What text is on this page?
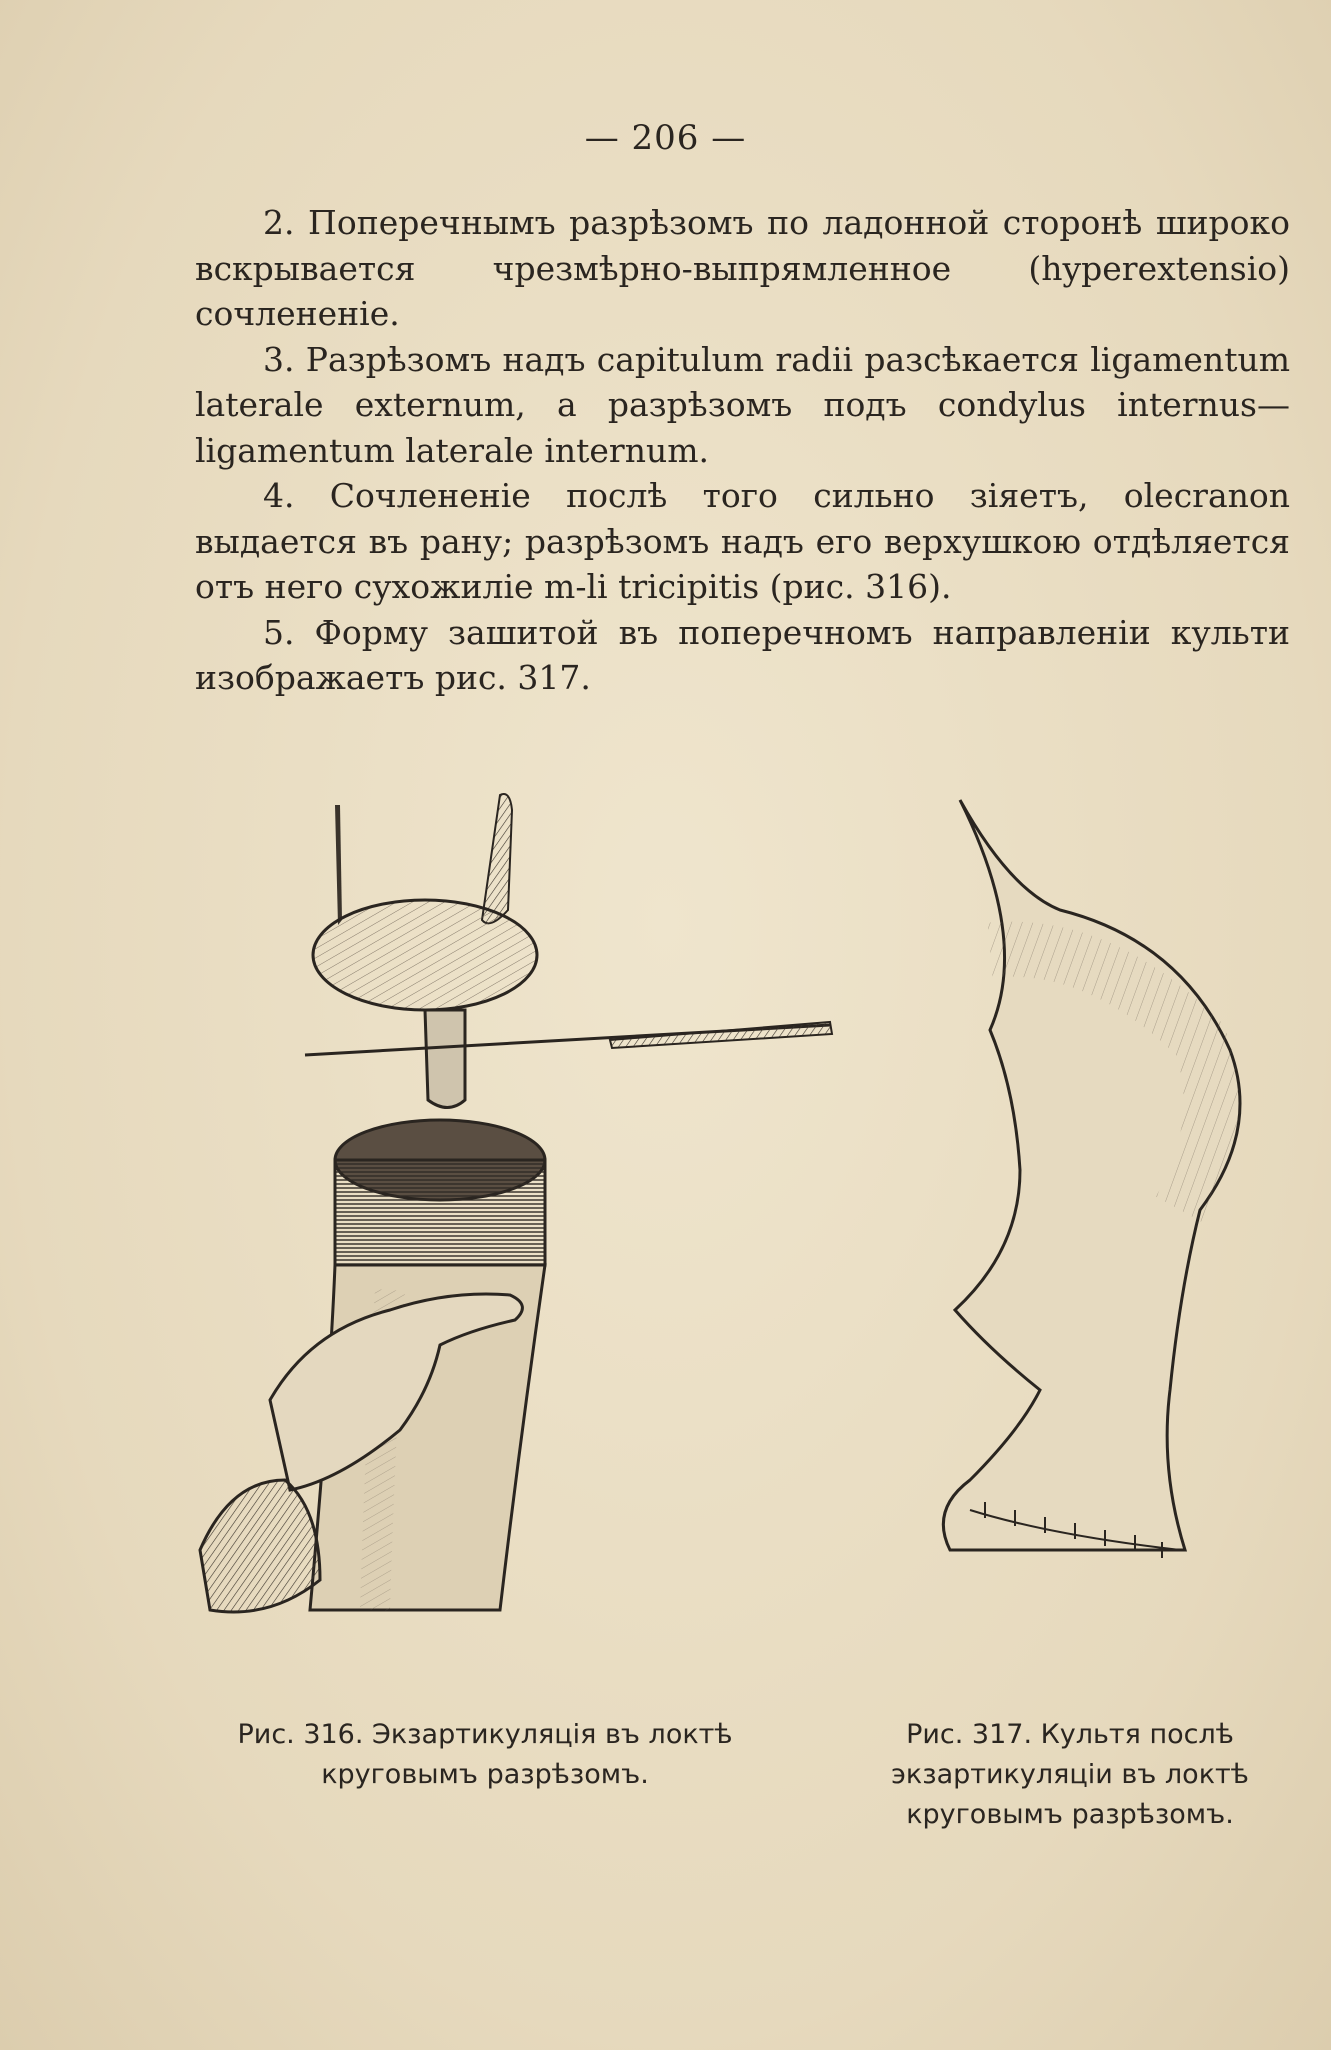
— 206 —

2. Поперечнымъ разрѣзомъ по ладонной сторонѣ широко вскрывается чрезмѣрно-выпрямленное (hyperextensio) сочлененіе.

3. Разрѣзомъ надъ capitulum radii разсѣкается ligamentum laterale externum, а разрѣзомъ подъ condylus internus—ligamentum laterale internum.

4. Сочлененіе послѣ того сильно зіяетъ, olecranon выдается въ рану; разрѣзомъ надъ его верхушкою отдѣляется отъ него сухожиліе m-li tricipitis (рис. 316).

5. Форму зашитой въ поперечномъ направленіи культи изображаетъ рис. 317.

Рис. 316. Экзартикуляція въ локтѣ круговымъ разрѣзомъ.
Рис. 317. Культя послѣ экзартикуляціи въ локтѣ круговымъ разрѣзомъ.
